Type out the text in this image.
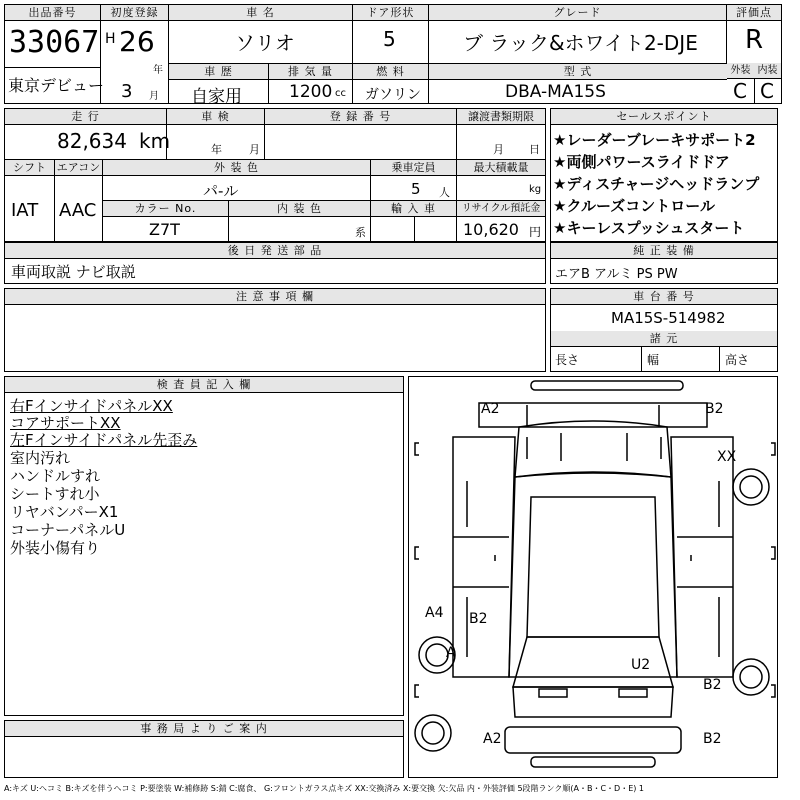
出品番号
33067
東京デビュー
初度登録
H 26
年
3 月
車 名
ソリオ
ドア形状
5
グレード
ブ ラック&ホワイト2-DJE
評価点
R
外装 内装
C C
車 歴
自家用
排 気 量
1200 cc
燃 料
ガソリン
型 式
DBA-MA15S
走 行
82,634 km
車 検
年 月
登 録 番 号	譲渡書類期限
月 日
シフト
IAT
エアコン
AAC
外 装 色
パ-ル
乗車定員
5 人
最大積載量
kg
カラー No.
Z7T
内 装 色
系
輸 入 車	リサイクル預託金
10,620 円
セールスポイント
★レーダーブレーキサポート2
★両側パワースライドドア
★ディスチャージヘッドランプ
★クルーズコントロール
★キーレスプッシュスタート
後 日 発 送 部 品
車両取説 ナビ取説
純 正 装 備
エアB アルミ PS PW
注 意 事 項 欄	車 台 番 号
MA15S-514982
諸 元
長さ	幅	高さ
検 査 員 記 入 欄
右FインサイドパネルXX
コアサポートXX
左Fインサイドパネル先歪み
室内汚れ
ハンドルすれ
シートすれ小
リヤバンパーX1
コーナーパネルU
外装小傷有り
事 務 局 よ り ご 案 内
A2	B2
XX
A4 B2
A
U2
B2
A2	B2
A:キズ U:ヘコミ B:キズを伴うヘコミ P:要塗装 W:補修跡 S:錆 C:腐食、 G:フロントガラス点キズ XX:交換済み X:要交換 欠:欠品 内・外装評価 5段階ランク順(A・B・C・D・E) 1
